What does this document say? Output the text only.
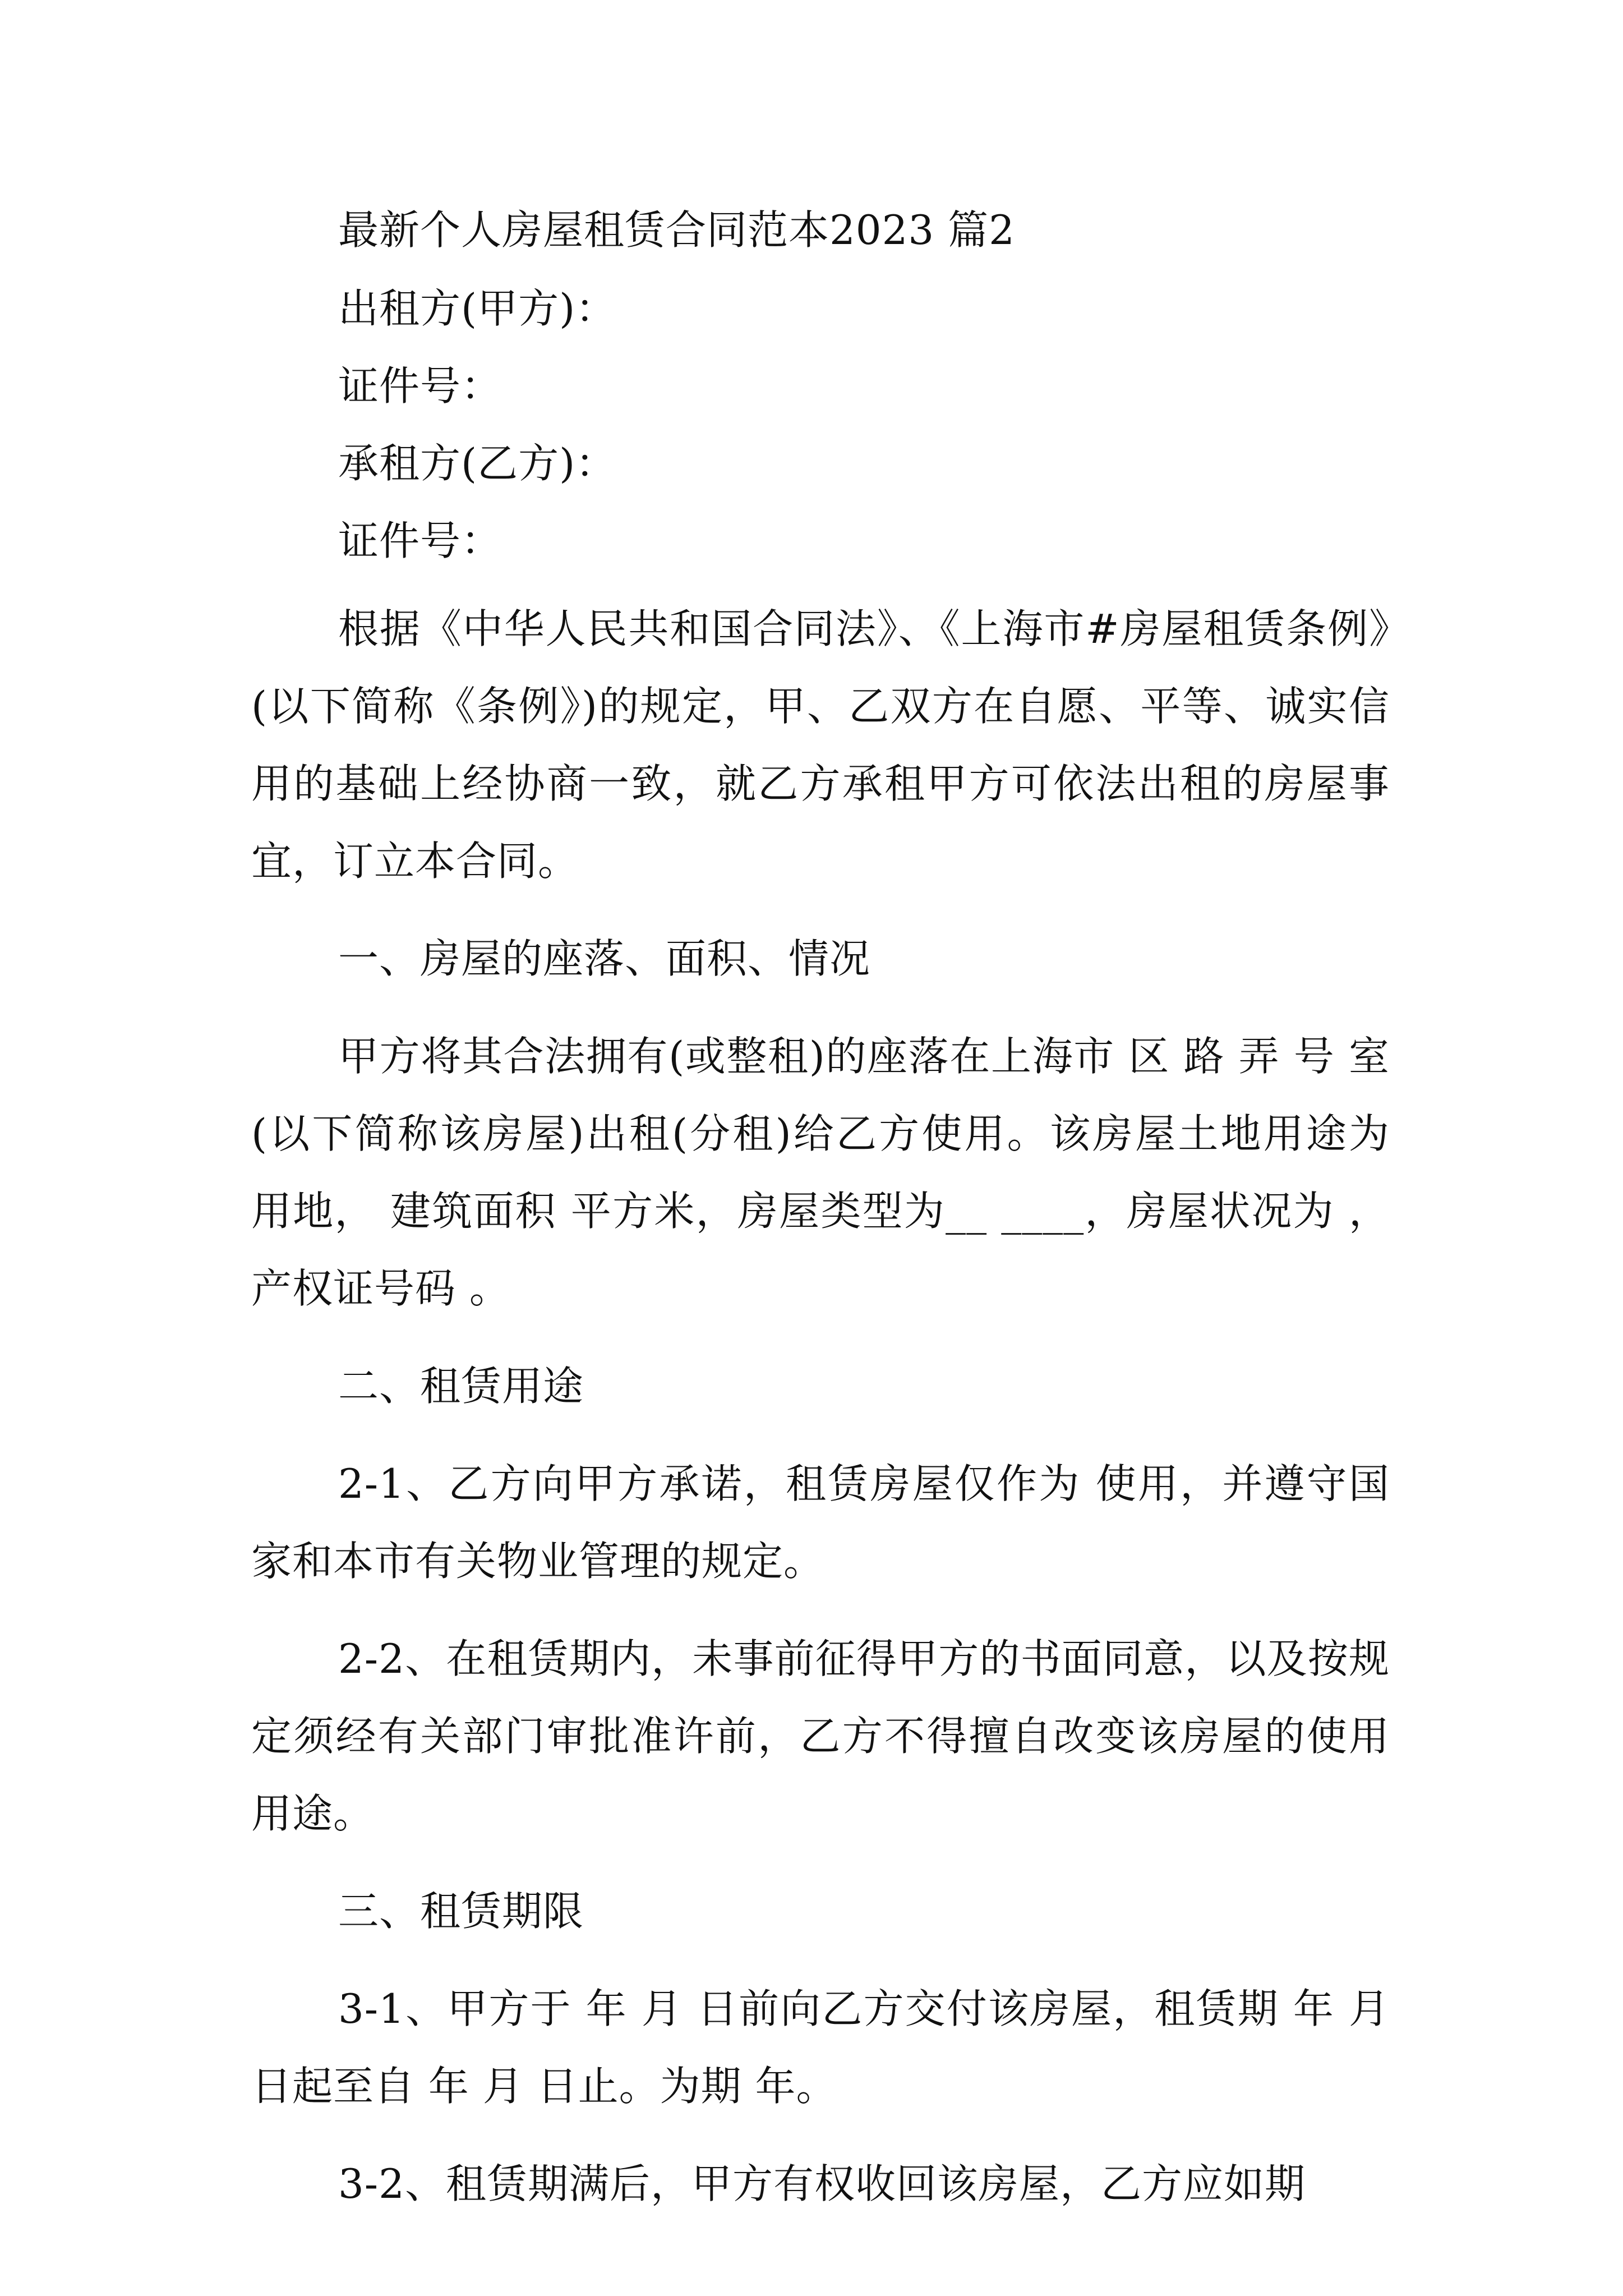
最新个人房屋租赁合同范本2023 篇2

出租方(甲方)：

证件号：

承租方(乙方)：

证件号：

根据《中华人民共和国合同法》、《上海市#房屋租赁条例》(以下简称《条例》)的规定，甲、乙双方在自愿、平等、诚实信用的基础上经协商一致，就乙方承租甲方可依法出租的房屋事宜，订立本合同。

一、房屋的座落、面积、情况

甲方将其合法拥有(或整租)的座落在上海市 区 路 弄 号 室 (以下简称该房屋)出租(分租)给乙方使用。该房屋土地用途为 用地， 建筑面积 平方米，房屋类型为__ ____，房屋状况为 ，产权证号码 。

二、租赁用途

2-1、乙方向甲方承诺，租赁房屋仅作为 使用，并遵守国家和本市有关物业管理的规定。

2-2、在租赁期内，未事前征得甲方的书面同意，以及按规定须经有关部门审批准许前，乙方不得擅自改变该房屋的使用用途。

三、租赁期限

3-1、甲方于 年 月 日前向乙方交付该房屋，租赁期 年 月 日起至自 年 月 日止。为期 年。

3-2、租赁期满后，甲方有权收回该房屋，乙方应如期
